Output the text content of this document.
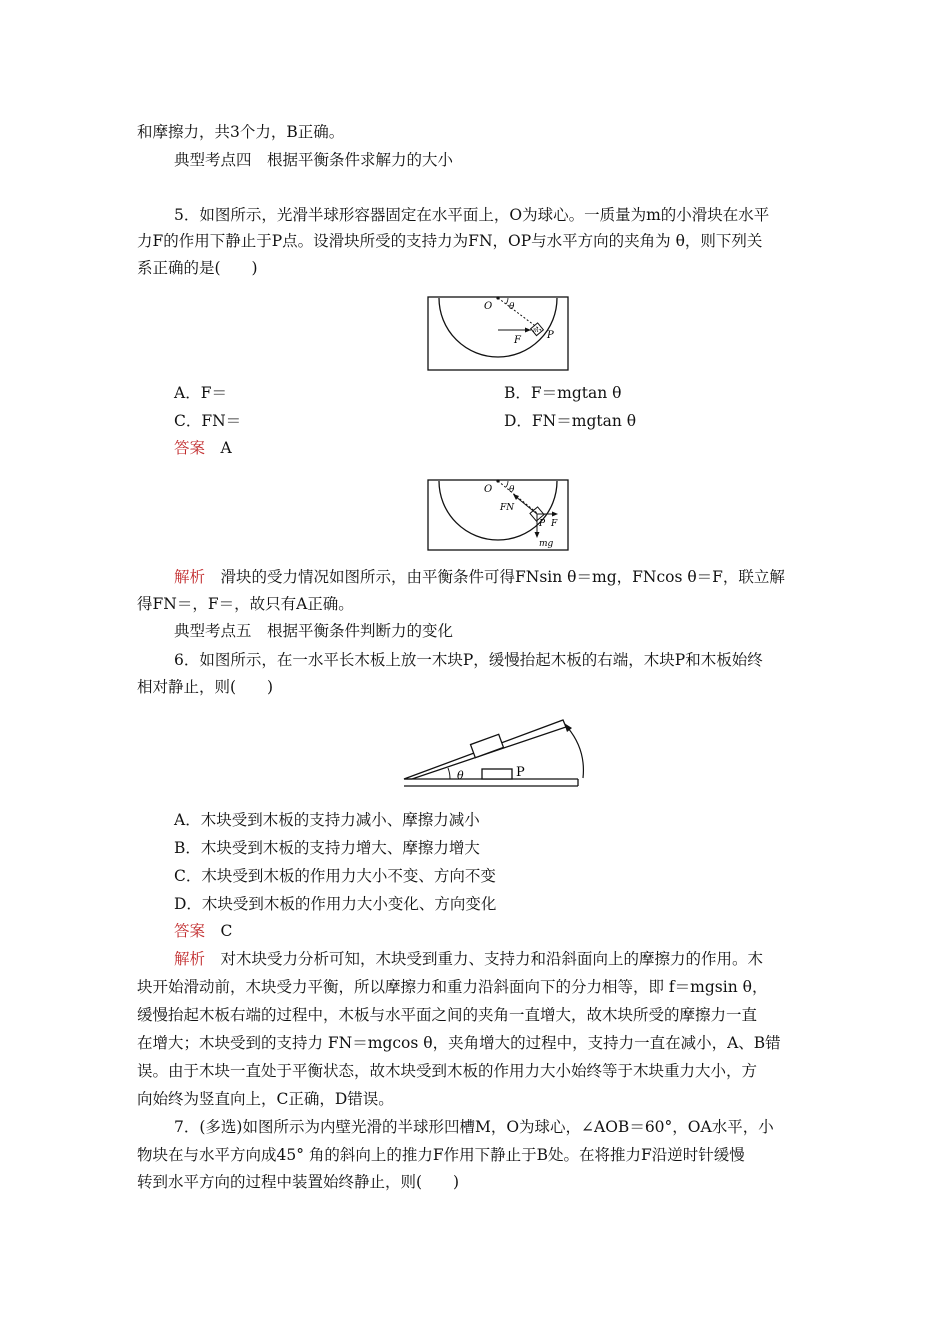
和摩擦力，共3个力，B正确。
典型考点四　根据平衡条件求解力的大小
5．如图所示，光滑半球形容器固定在水平面上，O为球心。一质量为m的小滑块在水平
力F的作用下静止于P点。设滑块所受的支持力为FN，OP与水平方向的夹角为 θ，则下列关
系正确的是(　　)
O θ
m
F	P
A．F＝	B．F＝mgtan θ
C．FN＝	D．FN＝mgtan θ
答案　 A
O θ
FN
P F
mg
解析　 滑块的受力情况如图所示，由平衡条件可得FNsin θ＝mg，FNcos θ＝F，联立解
得FN＝，F＝，故只有A正确。
典型考点五　根据平衡条件判断力的变化
6．如图所示，在一水平长木板上放一木块P，缓慢抬起木板的右端，木块P和木板始终
相对静止，则(　　)
θ	P
A．木块受到木板的支持力减小、摩擦力减小
B．木块受到木板的支持力增大、摩擦力增大
C．木块受到木板的作用力大小不变、方向不变
D．木块受到木板的作用力大小变化、方向变化
答案　 C
解析　 对木块受力分析可知，木块受到重力、支持力和沿斜面向上的摩擦力的作用。木
块开始滑动前，木块受力平衡，所以摩擦力和重力沿斜面向下的分力相等，即 f＝mgsin θ，
缓慢抬起木板右端的过程中，木板与水平面之间的夹角一直增大，故木块所受的摩擦力一直
在增大；木块受到的支持力 FN＝mgcos θ，夹角增大的过程中，支持力一直在减小，A、B错
误。由于木块一直处于平衡状态，故木块受到木板的作用力大小始终等于木块重力大小，方
向始终为竖直向上，C正确，D错误。
7．(多选)如图所示为内壁光滑的半球形凹槽M，O为球心，∠AOB＝60°，OA水平，小
物块在与水平方向成45° 角的斜向上的推力F作用下静止于B处。在将推力F沿逆时针缓慢
转到水平方向的过程中装置始终静止，则(　　)
